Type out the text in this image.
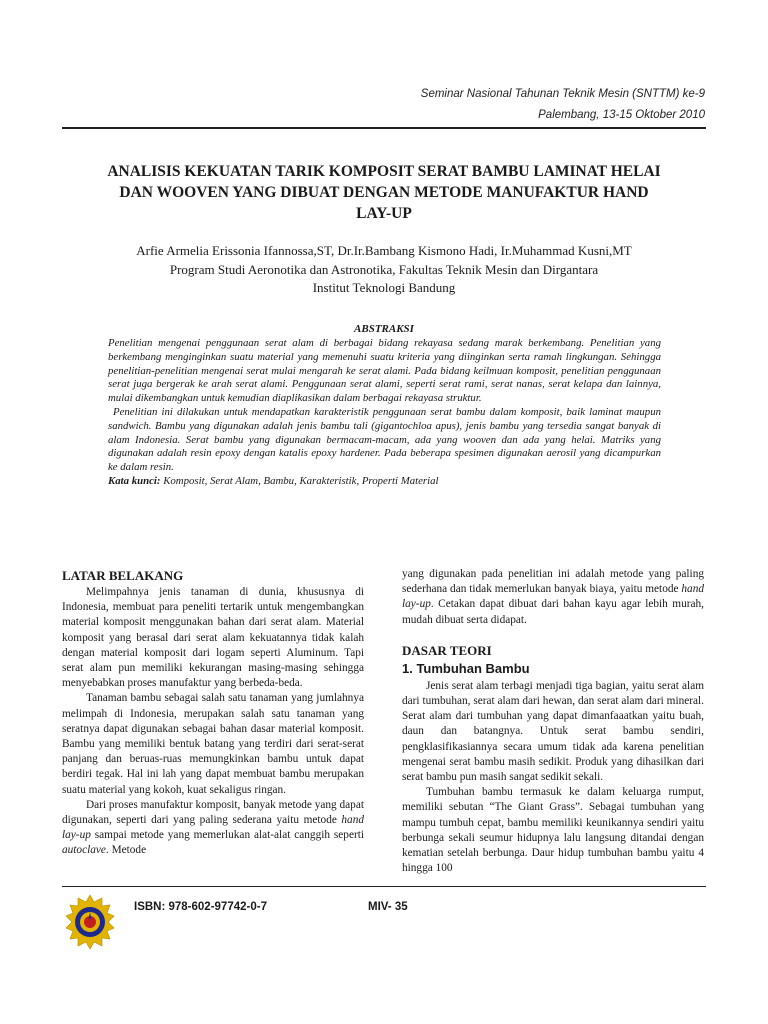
Seminar Nasional Tahunan Teknik Mesin (SNTTM) ke-9
Palembang, 13-15 Oktober 2010
ANALISIS KEKUATAN TARIK KOMPOSIT SERAT BAMBU LAMINAT HELAI
DAN WOOVEN YANG DIBUAT DENGAN METODE MANUFAKTUR HAND
LAY-UP
Arfie Armelia Erissonia Ifannossa,ST, Dr.Ir.Bambang Kismono Hadi, Ir.Muhammad Kusni,MT
Program Studi Aeronotika dan Astronotika, Fakultas Teknik Mesin dan Dirgantara
Institut Teknologi Bandung
ABSTRAKSI

Penelitian mengenai penggunaan serat alam di berbagai bidang rekayasa sedang marak berkembang. Penelitian yang berkembang menginginkan suatu material yang memenuhi suatu kriteria yang diinginkan serta ramah lingkungan. Sehingga penelitian-penelitian mengenai serat mulai mengarah ke serat alami. Pada bidang keilmuan komposit, penelitian penggunaan serat juga bergerak ke arah serat alami. Penggunaan serat alami, seperti serat rami, serat nanas, serat kelapa dan lainnya, mulai dikembangkan untuk kemudian diaplikasikan dalam berbagai rekayasa struktur.

Penelitian ini dilakukan untuk mendapatkan karakteristik penggunaan serat bambu dalam komposit, baik laminat maupun sandwich. Bambu yang digunakan adalah jenis bambu tali (gigantochloa apus), jenis bambu yang tersedia sangat banyak di alam Indonesia. Serat bambu yang digunakan bermacam-macam, ada yang wooven dan ada yang helai. Matriks yang digunakan adalah resin epoxy dengan katalis epoxy hardener. Pada beberapa spesimen digunakan aerosil yang dicampurkan ke dalam resin.

Kata kunci: Komposit, Serat Alam, Bambu, Karakteristik, Properti Material

LATAR BELAKANG

Melimpahnya jenis tanaman di dunia, khususnya di Indonesia, membuat para peneliti tertarik untuk mengembangkan material komposit menggunakan bahan dari serat alam. Material komposit yang berasal dari serat alam kekuatannya tidak kalah dengan material komposit dari logam seperti Aluminum. Tapi serat alam pun memiliki kekurangan masing-masing sehingga menyebabkan proses manufaktur yang berbeda-beda.

Tanaman bambu sebagai salah satu tanaman yang jumlahnya melimpah di Indonesia, merupakan salah satu tanaman yang seratnya dapat digunakan sebagai bahan dasar material komposit. Bambu yang memiliki bentuk batang yang terdiri dari serat-serat panjang dan beruas-ruas memungkinkan bambu untuk dapat berdiri tegak. Hal ini lah yang dapat membuat bambu merupakan suatu material yang kokoh, kuat sekaligus ringan.

Dari proses manufaktur komposit, banyak metode yang dapat digunakan, seperti dari yang paling sederana yaitu metode hand lay-up sampai metode yang memerlukan alat-alat canggih seperti autoclave. Metode

yang digunakan pada penelitian ini adalah metode yang paling sederhana dan tidak memerlukan banyak biaya, yaitu metode hand lay-up. Cetakan dapat dibuat dari bahan kayu agar lebih murah, mudah dibuat serta didapat.

DASAR TEORI
1. Tumbuhan Bambu

Jenis serat alam terbagi menjadi tiga bagian, yaitu serat alam dari tumbuhan, serat alam dari hewan, dan serat alam dari mineral. Serat alam dari tumbuhan yang dapat dimanfaaatkan yaitu buah, daun dan batangnya. Untuk serat bambu sendiri, pengklasifikasiannya secara umum tidak ada karena penelitian mengenai serat bambu masih sedikit. Produk yang dihasilkan dari serat bambu pun masih sangat sedikit sekali.

Tumbuhan bambu termasuk ke dalam keluarga rumput, memiliki sebutan “The Giant Grass”. Sebagai tumbuhan yang mampu tumbuh cepat, bambu memiliki keunikannya sendiri yaitu berbunga sekali seumur hidupnya lalu langsung ditandai dengan kematian setelah berbunga. Daur hidup tumbuhan bambu yaitu 4 hingga 100

ISBN: 978-602-97742-0-7	MIV- 35
